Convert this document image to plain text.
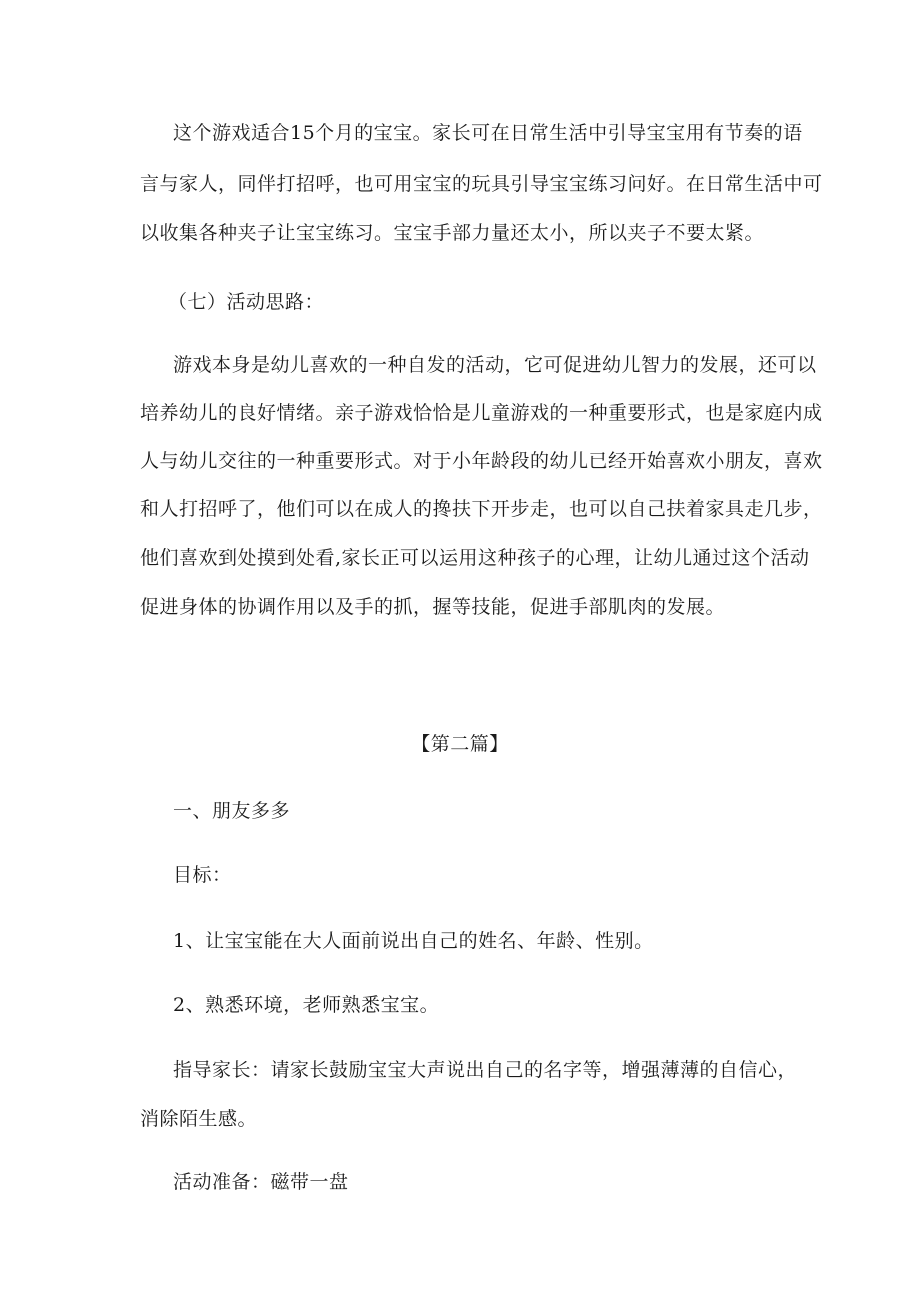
这个游戏适合15个月的宝宝。家长可在日常生活中引导宝宝用有节奏的语
言与家人，同伴打招呼，也可用宝宝的玩具引导宝宝练习问好。在日常生活中可
以收集各种夹子让宝宝练习。宝宝手部力量还太小，所以夹子不要太紧。
（七）活动思路：
游戏本身是幼儿喜欢的一种自发的活动，它可促进幼儿智力的发展，还可以
培养幼儿的良好情绪。亲子游戏恰恰是儿童游戏的一种重要形式，也是家庭内成
人与幼儿交往的一种重要形式。对于小年龄段的幼儿已经开始喜欢小朋友，喜欢
和人打招呼了，他们可以在成人的搀扶下开步走，也可以自己扶着家具走几步，
他们喜欢到处摸到处看,家长正可以运用这种孩子的心理，让幼儿通过这个活动
促进身体的协调作用以及手的抓，握等技能，促进手部肌肉的发展。
【第二篇】
一、朋友多多
目标：
1、让宝宝能在大人面前说出自己的姓名、年龄、性别。
2、熟悉环境，老师熟悉宝宝。
指导家长：请家长鼓励宝宝大声说出自己的名字等，增强薄薄的自信心，
消除陌生感。
活动准备：磁带一盘
